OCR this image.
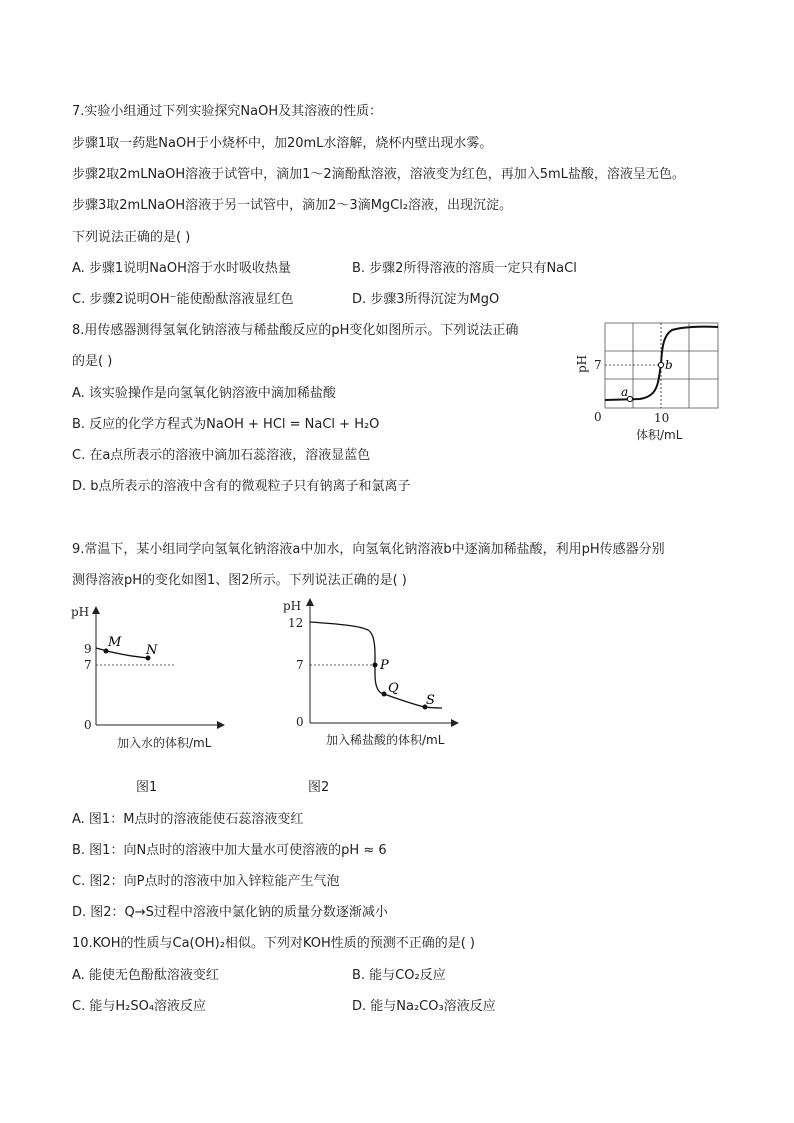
7.实验小组通过下列实验探究NaOH及其溶液的性质：
步骤1取一药匙NaOH于小烧杯中，加20mL水溶解，烧杯内壁出现水雾。
步骤2取2mLNaOH溶液于试管中，滴加1～2滴酚酞溶液，溶液变为红色，再加入5mL盐酸，溶液呈无色。
步骤3取2mLNaOH溶液于另一试管中，滴加2～3滴MgCl₂溶液，出现沉淀。
下列说法正确的是( )
A. 步骤1说明NaOH溶于水时吸收热量	B. 步骤2所得溶液的溶质一定只有NaCl
C. 步骤2说明OH⁻能使酚酞溶液显红色	D. 步骤3所得沉淀为MgO
8.用传感器测得氢氧化钠溶液与稀盐酸反应的pH变化如图所示。下列说法正确
的是( )
A. 该实验操作是向氢氧化钠溶液中滴加稀盐酸
B. 反应的化学方程式为NaOH + HCl = NaCl + H₂O
C. 在a点所表示的溶液中滴加石蕊溶液，溶液显蓝色
D. b点所表示的溶液中含有的微观粒子只有钠离子和氯离子
a
b
7
10
0
pH
体积/mL
9.常温下，某小组同学向氢氧化钠溶液a中加水，向氢氧化钠溶液b中逐滴加稀盐酸，利用pH传感器分别
测得溶液pH的变化如图1、图2所示。下列说法正确的是( )
M
N
pH
9
7
0
加入水的体积/mL
图1
P
Q
S
pH
12
7
0
加入稀盐酸的体积/mL
图2
A. 图1：M点时的溶液能使石蕊溶液变红
B. 图1：向N点时的溶液中加大量水可使溶液的pH ≈ 6
C. 图2：向P点时的溶液中加入锌粒能产生气泡
D. 图2：Q→S过程中溶液中氯化钠的质量分数逐渐减小
10.KOH的性质与Ca(OH)₂相似。下列对KOH性质的预测不正确的是( )
A. 能使无色酚酞溶液变红	B. 能与CO₂反应
C. 能与H₂SO₄溶液反应	D. 能与Na₂CO₃溶液反应
